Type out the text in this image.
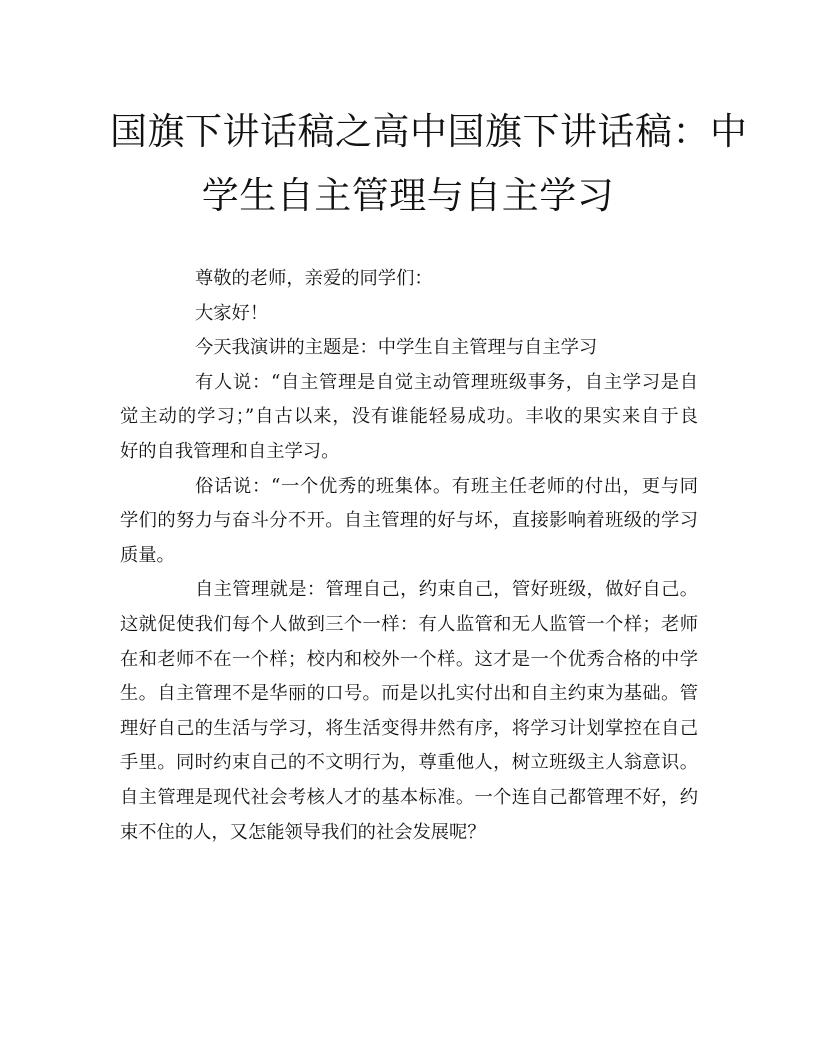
国旗下讲话稿之高中国旗下讲话稿：中
学生自主管理与自主学习

尊敬的老师，亲爱的同学们：

大家好！

今天我演讲的主题是：中学生自主管理与自主学习

有人说：“自主管理是自觉主动管理班级事务，自主学习是自
觉主动的学习；”自古以来，没有谁能轻易成功。丰收的果实来自于良
好的自我管理和自主学习。

俗话说：“一个优秀的班集体。有班主任老师的付出，更与同
学们的努力与奋斗分不开。自主管理的好与坏，直接影响着班级的学习
质量。

自主管理就是：管理自己，约束自己，管好班级，做好自己。
这就促使我们每个人做到三个一样：有人监管和无人监管一个样；老师
在和老师不在一个样；校内和校外一个样。这才是一个优秀合格的中学
生。自主管理不是华丽的口号。而是以扎实付出和自主约束为基础。管
理好自己的生活与学习，将生活变得井然有序，将学习计划掌控在自己
手里。同时约束自己的不文明行为，尊重他人，树立班级主人翁意识。
自主管理是现代社会考核人才的基本标准。一个连自己都管理不好，约
束不住的人，又怎能领导我们的社会发展呢？
